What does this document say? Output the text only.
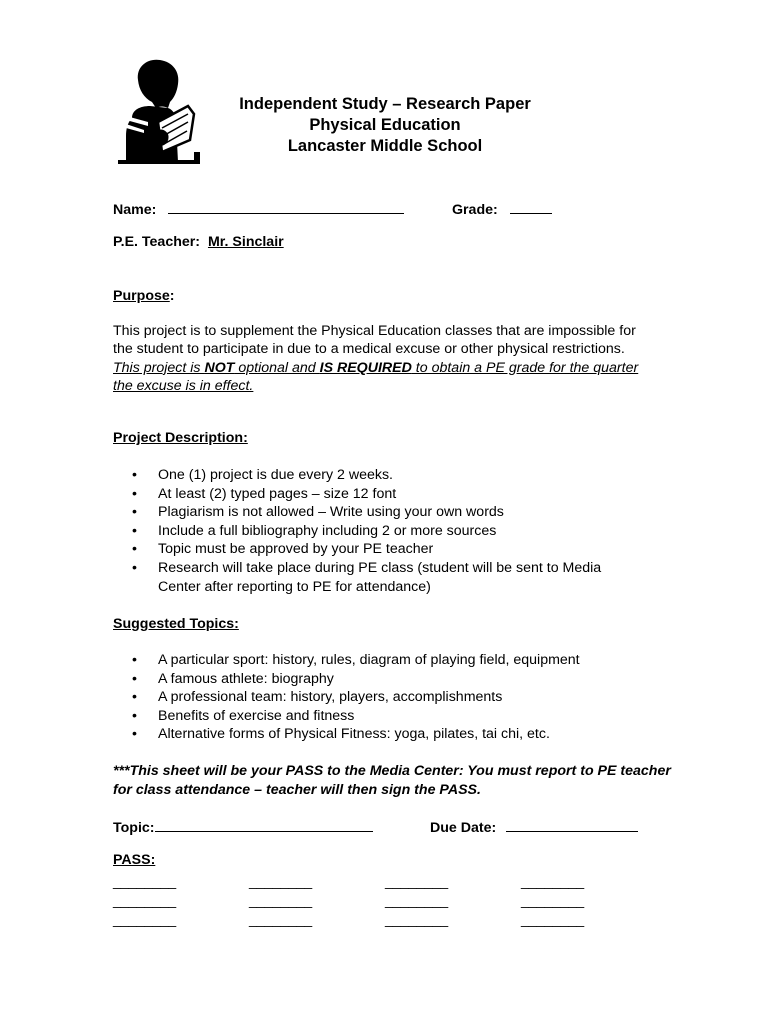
Independent Study – Research Paper
Physical Education
Lancaster Middle School
Name:	Grade:
P.E. Teacher: Mr. Sinclair
Purpose:
This project is to supplement the Physical Education classes that are impossible for the student to participate in due to a medical excuse or other physical restrictions.
This project is NOT optional and IS REQUIRED to obtain a PE grade for the quarter the excuse is in effect.
Project Description:
• One (1) project is due every 2 weeks.
• At least (2) typed pages – size 12 font
• Plagiarism is not allowed – Write using your own words
• Include a full bibliography including 2 or more sources
• Topic must be approved by your PE teacher
• Research will take place during PE class (student will be sent to Media Center after reporting to PE for attendance)
Suggested Topics:
• A particular sport: history, rules, diagram of playing field, equipment
• A famous athlete: biography
• A professional team: history, players, accomplishments
• Benefits of exercise and fitness
• Alternative forms of Physical Fitness: yoga, pilates, tai chi, etc.
***This sheet will be your PASS to the Media Center: You must report to PE teacher for class attendance – teacher will then sign the PASS.
Topic:	Due Date:
PASS:
________	________	________	________
________	________	________	________
________	________	________	________
